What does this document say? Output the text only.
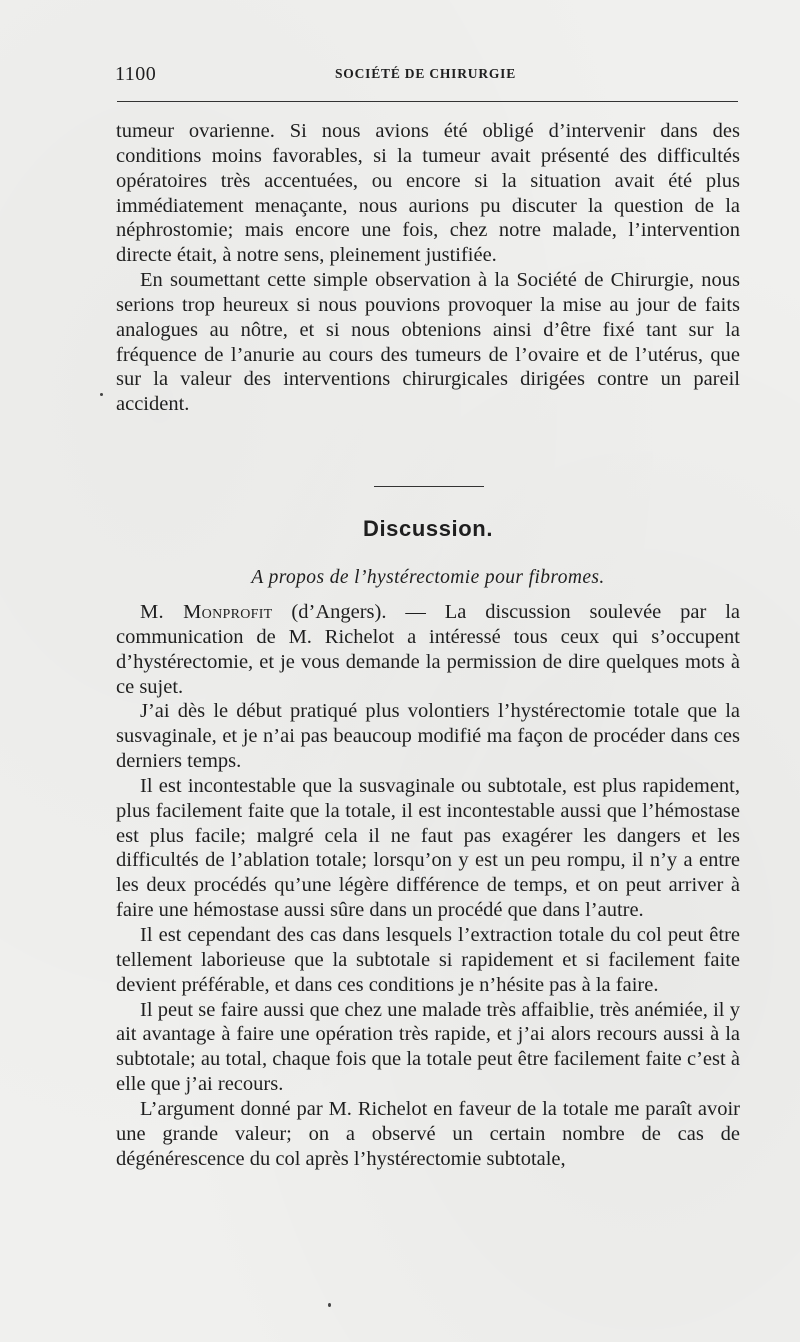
1100	SOCIÉTÉ DE CHIRURGIE

tumeur ovarienne. Si nous avions été obligé d’intervenir dans des conditions moins favorables, si la tumeur avait présenté des difficultés opératoires très accentuées, ou encore si la situation avait été plus immédiatement menaçante, nous aurions pu discuter la question de la néphrostomie; mais encore une fois, chez notre malade, l’intervention directe était, à notre sens, pleinement justifiée.

En soumettant cette simple observation à la Société de Chirurgie, nous serions trop heureux si nous pouvions provoquer la mise au jour de faits analogues au nôtre, et si nous obtenions ainsi d’être fixé tant sur la fréquence de l’anurie au cours des tumeurs de l’ovaire et de l’utérus, que sur la valeur des interventions chirurgicales dirigées contre un pareil accident.

Discussion.
A propos de l’hystérectomie pour fibromes.

M. Monprofit (d’Angers). — La discussion soulevée par la communication de M. Richelot a intéressé tous ceux qui s’occupent d’hystérectomie, et je vous demande la permission de dire quelques mots à ce sujet.

J’ai dès le début pratiqué plus volontiers l’hystérectomie totale que la susvaginale, et je n’ai pas beaucoup modifié ma façon de procéder dans ces derniers temps.

Il est incontestable que la susvaginale ou subtotale, est plus rapidement, plus facilement faite que la totale, il est incontestable aussi que l’hémostase est plus facile; malgré cela il ne faut pas exagérer les dangers et les difficultés de l’ablation totale; lorsqu’on y est un peu rompu, il n’y a entre les deux procédés qu’une légère différence de temps, et on peut arriver à faire une hémostase aussi sûre dans un procédé que dans l’autre.

Il est cependant des cas dans lesquels l’extraction totale du col peut être tellement laborieuse que la subtotale si rapidement et si facilement faite devient préférable, et dans ces conditions je n’hésite pas à la faire.

Il peut se faire aussi que chez une malade très affaiblie, très anémiée, il y ait avantage à faire une opération très rapide, et j’ai alors recours aussi à la subtotale; au total, chaque fois que la totale peut être facilement faite c’est à elle que j’ai recours.

L’argument donné par M. Richelot en faveur de la totale me paraît avoir une grande valeur; on a observé un certain nombre de cas de dégénérescence du col après l’hystérectomie subtotale,
